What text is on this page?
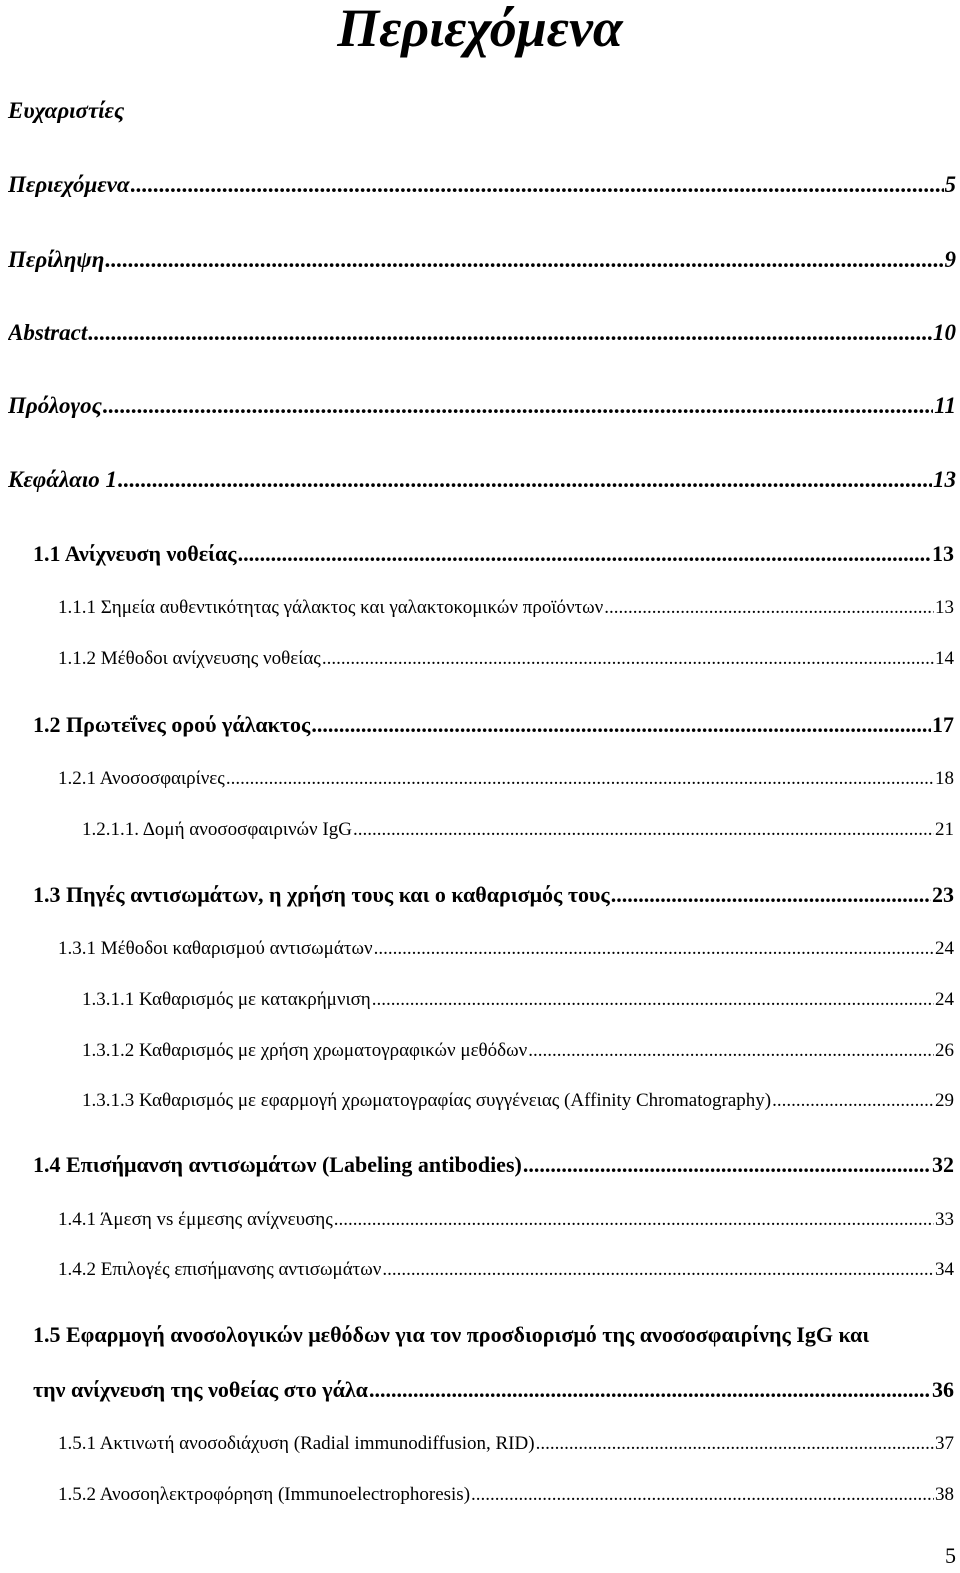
Περιεχόμενα
Ευχαριστίες
Περιεχόμενα .....	5
Περίληψη .....	9
Abstract .....	10
Πρόλογος .....	11
Κεφάλαιο 1 .....	13
1.1 Ανίχνευση νοθείας .....	13
1.1.1 Σημεία αυθεντικότητας γάλακτος και γαλακτοκομικών προϊόντων .....	13
1.1.2 Μέθοδοι ανίχνευσης νοθείας .....	14
1.2 Πρωτεΐνες ορού γάλακτος .....	17
1.2.1 Ανοσοσφαιρίνες .....	18
1.2.1.1. Δομή ανοσοσφαιρινών IgG .....	21
1.3 Πηγές αντισωμάτων, η χρήση τους και ο καθαρισμός τους .....	23
1.3.1 Μέθοδοι καθαρισμού αντισωμάτων .....	24
1.3.1.1 Καθαρισμός με κατακρήμνιση .....	24
1.3.1.2 Καθαρισμός με χρήση χρωματογραφικών μεθόδων .....	26
1.3.1.3 Καθαρισμός με εφαρμογή χρωματογραφίας συγγένειας (Affinity Chromatography) .....	29
1.4 Επισήμανση αντισωμάτων (Labeling antibodies) .....	32
1.4.1 Άμεση vs έμμεσης ανίχνευσης .....	33
1.4.2 Επιλογές επισήμανσης αντισωμάτων .....	34
1.5 Εφαρμογή ανοσολογικών μεθόδων για τον προσδιορισμό της ανοσοσφαιρίνης IgG και
την ανίχνευση της νοθείας στο γάλα .....	36
1.5.1 Ακτινωτή ανοσοδιάχυση (Radial immunodiffusion, RID) .....	37
1.5.2 Ανοσοηλεκτροφόρηση (Immunoelectrophoresis) .....	38
5
